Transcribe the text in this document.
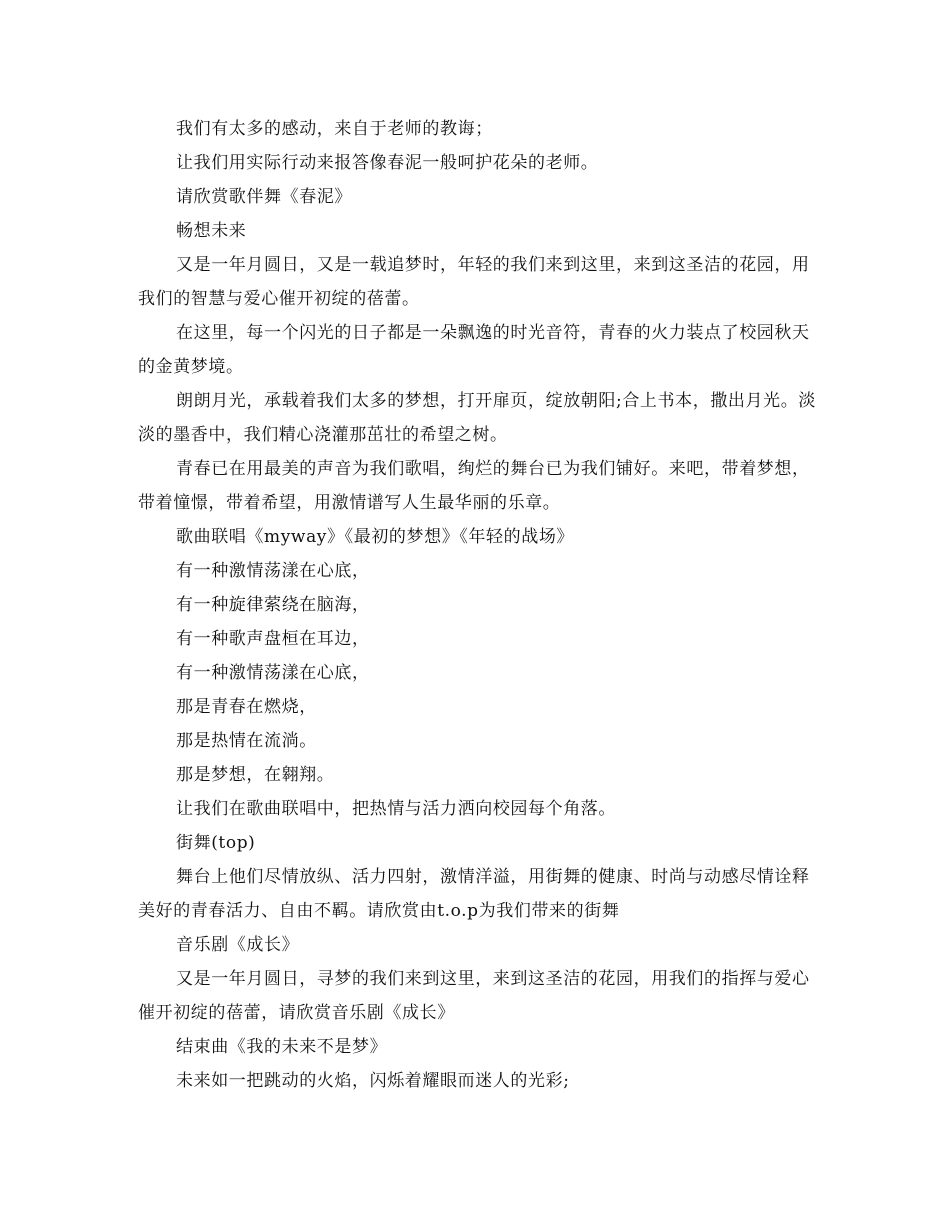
我们有太多的感动，来自于老师的教诲；

让我们用实际行动来报答像春泥一般呵护花朵的老师。

请欣赏歌伴舞《春泥》

畅想未来

又是一年月圆日，又是一载追梦时，年轻的我们来到这里，来到这圣洁的花园，用我们的智慧与爱心催开初绽的蓓蕾。

在这里，每一个闪光的日子都是一朵飘逸的时光音符，青春的火力装点了校园秋天的金黄梦境。

朗朗月光，承载着我们太多的梦想，打开扉页，绽放朝阳;合上书本，撒出月光。淡淡的墨香中，我们精心浇灌那茁壮的希望之树。

青春已在用最美的声音为我们歌唱，绚烂的舞台已为我们铺好。来吧，带着梦想，带着憧憬，带着希望，用激情谱写人生最华丽的乐章。

歌曲联唱《myway》《最初的梦想》《年轻的战场》

有一种激情荡漾在心底，

有一种旋律萦绕在脑海，

有一种歌声盘桓在耳边，

有一种激情荡漾在心底，

那是青春在燃烧，

那是热情在流淌。

那是梦想，在翱翔。

让我们在歌曲联唱中，把热情与活力洒向校园每个角落。

街舞(top)

舞台上他们尽情放纵、活力四射，激情洋溢，用街舞的健康、时尚与动感尽情诠释美好的青春活力、自由不羁。请欣赏由t.o.p为我们带来的街舞

音乐剧《成长》

又是一年月圆日，寻梦的我们来到这里，来到这圣洁的花园，用我们的指挥与爱心催开初绽的蓓蕾，请欣赏音乐剧《成长》

结束曲《我的未来不是梦》

未来如一把跳动的火焰，闪烁着耀眼而迷人的光彩;
